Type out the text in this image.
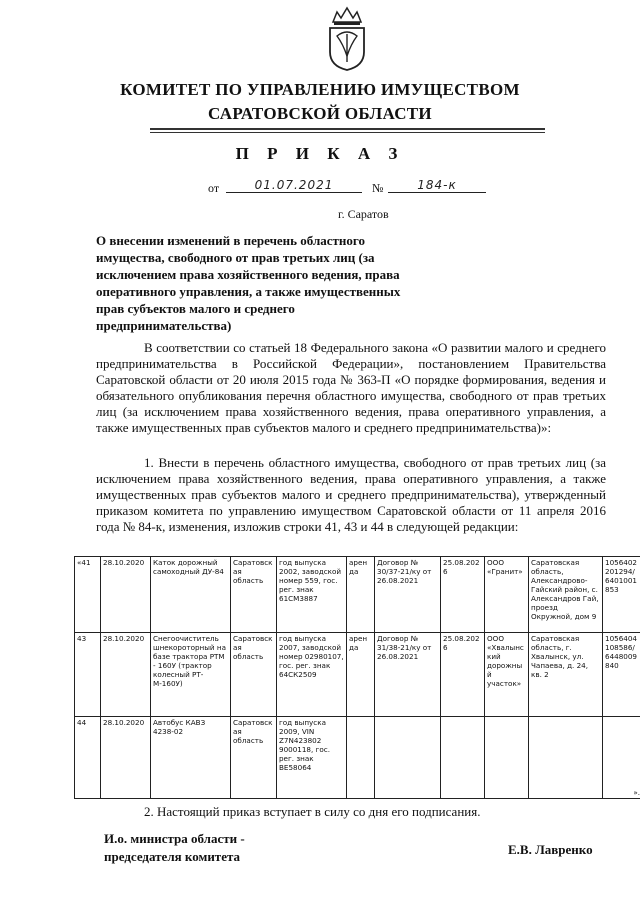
КОМИТЕТ ПО УПРАВЛЕНИЮ ИМУЩЕСТВОМ
САРАТОВСКОЙ ОБЛАСТИ
П Р И К А З
от	01.07.2021	№	184-к
г. Саратов
О внесении изменений в перечень областного имущества, свободного от прав третьих лиц (за исключением права хозяйственного ведения, права оперативного управления, а также имущественных прав субъектов малого и среднего предпринимательства)
В соответствии со статьей 18 Федерального закона «О развитии малого и среднего предпринимательства в Российской Федерации», постановлением Правительства Саратовской области от 20 июля 2015 года № 363-П «О порядке формирования, ведения и обязательного опубликования перечня областного имущества, свободного от прав третьих лиц (за исключением права хозяйственного ведения, права оперативного управления, а также имущественных прав субъектов малого и среднего предпринимательства)»:
1. Внести в перечень областного имущества, свободного от прав третьих лиц (за исключением права хозяйственного ведения, права оперативного управления, а также имущественных прав субъектов малого и среднего предпринимательства), утвержденный приказом комитета по управлению имуществом Саратовской области от 11 апреля 2016 года № 84-к, изменения, изложив строки 41, 43 и 44 в следующей редакции:
«41	28.10.2020	Каток дорожный самоходный ДУ-84	Саратовская область	год выпуска 2002, заводской номер 559, гос. рег. знак 61СМ3887	аренда	Договор № 30/37-21/ку от 26.08.2021	25.08.2026	ООО «Гранит»	Саратовская область, Александрово-Гайский район, с. Александров Гай, проезд Окружной, дом 9	1056402 201294/ 6401001 853
43	28.10.2020	Снегоочиститель шнекороторный на базе трактора РТМ - 160У (трактор колесный РТ-М-160У)	Саратовская область	год выпуска 2007, заводской номер 02980107, гос. рег. знак 64СК2509	аренда	Договор № 31/38-21/ку от 26.08.2021	25.08.2026	ООО «Хвалынский дорожный участок»	Саратовская область, г. Хвалынск, ул. Чапаева, д. 24, кв. 2	1056404 108586/ 6448009 840
44	28.10.2020	Автобус КАВЗ 4238-02	Саратовская область	год выпуска 2009, VIN Z7N423802 9000118, гос. рег. знак ВЕ58064						».
2. Настоящий приказ вступает в силу со дня его подписания.
И.о. министра области -
председателя комитета	Е.В. Лавренко
